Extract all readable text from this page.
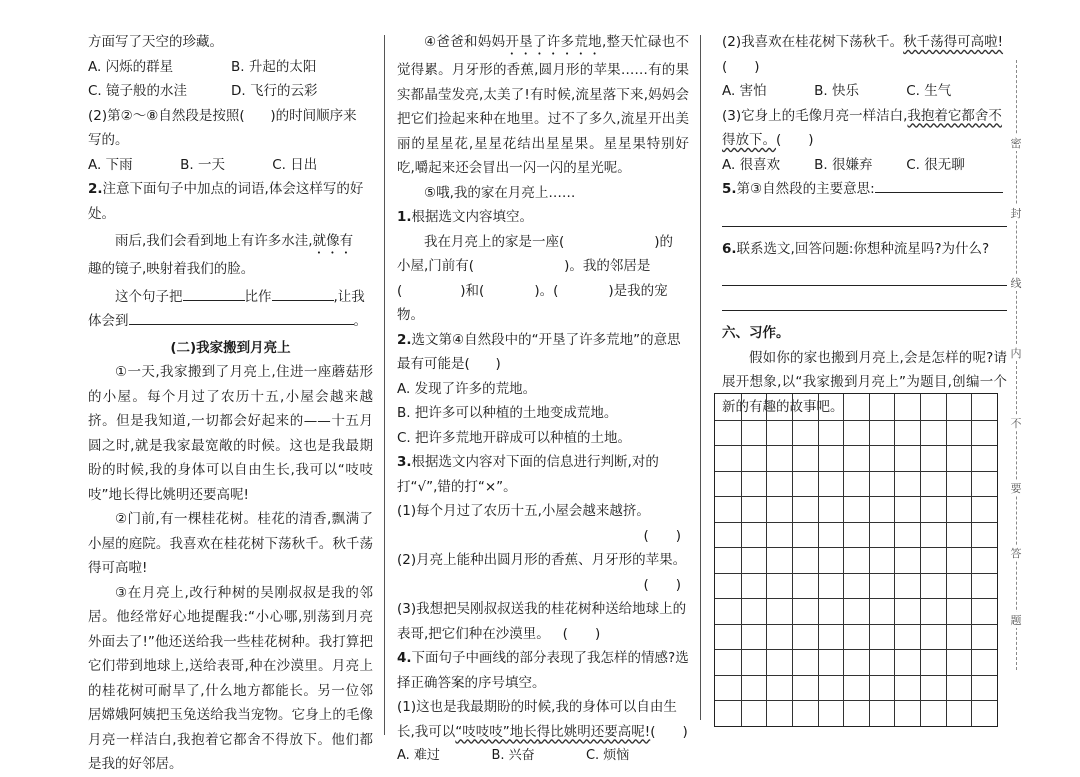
方面写了天空的珍藏。

A. 闪烁的群星	B. 升起的太阳
C. 镜子般的水洼	D. 飞行的云彩

(2)第②～⑧自然段是按照( )的时间顺序来

写的。

A. 下雨	B. 一天	C. 日出

2.注意下面句子中加点的词语,体会这样写的好处。

雨后,我们会看到地上有许多水洼,就像有

趣的镜子,映射着我们的脸。

这个句子把	比作	,让我

体会到	。

(二)我家搬到月亮上

①一天,我家搬到了月亮上,住进一座蘑菇形的小屋。每个月过了农历十五,小屋会越来越挤。但是我知道,一切都会好起来的——十五月圆之时,就是我家最宽敞的时候。这也是我最期盼的时候,我的身体可以自由生长,我可以“吱吱吱”地长得比姚明还要高呢!

②门前,有一棵桂花树。桂花的清香,飘满了小屋的庭院。我喜欢在桂花树下荡秋千。秋千荡得可高啦!

③在月亮上,改行种树的吴刚叔叔是我的邻居。他经常好心地提醒我:“小心哪,别荡到月亮外面去了!”他还送给我一些桂花树种。我打算把它们带到地球上,送给表哥,种在沙漠里。月亮上的桂花树可耐旱了,什么地方都能长。另一位邻居嫦娥阿姨把玉兔送给我当宠物。它身上的毛像月亮一样洁白,我抱着它都舍不得放下。他们都是我的好邻居。

④爸爸和妈妈开垦了许多荒地,整天忙碌也不觉得累。月牙形的香蕉,圆月形的苹果……有的果实都晶莹发亮,太美了!有时候,流星落下来,妈妈会把它们捡起来种在地里。过不了多久,流星开出美丽的星星花,星星花结出星星果。星星果特别好吃,嚼起来还会冒出一闪一闪的星光呢。

⑤哦,我的家在月亮上……

1.根据选文内容填空。

我在月亮上的家是一座(	)的

小屋,门前有(	)。我的邻居是

(	)和(	)。(	)是我的宠物。

2.选文第④自然段中的“开垦了许多荒地”的意思最有可能是( )

A. 发现了许多的荒地。

B. 把许多可以种植的土地变成荒地。

C. 把许多荒地开辟成可以种植的土地。

3.根据选文内容对下面的信息进行判断,对的打“√”,错的打“×”。

(1)每个月过了农历十五,小屋会越来越挤。

(　　)

(2)月亮上能种出圆月形的香蕉、月牙形的苹果。

(　　)

(3)我想把吴刚叔叔送我的桂花树种送给地球上的表哥,把它们种在沙漠里。 (　　)

4.下面句子中画线的部分表现了我怎样的情感?选择正确答案的序号填空。

(1)这也是我最期盼的时候,我的身体可以自由生长,我可以“吱吱吱”地长得比姚明还要高呢!(　　)

A. 难过	B. 兴奋	C. 烦恼

(2)我喜欢在桂花树下荡秋千。秋千荡得可高啦!(　　)

A. 害怕	B. 快乐	C. 生气

(3)它身上的毛像月亮一样洁白,我抱着它都舍不得放下。(　　)

A. 很喜欢	B. 很嫌弃	C. 很无聊

5.第③自然段的主要意思:

6.联系选文,回答问题:你想种流星吗?为什么?

六、习作。

假如你的家也搬到月亮上,会是怎样的呢?请展开想象,以“我家搬到月亮上”为题目,创编一个新的有趣的故事吧。

密
封
线
内
不
要
答
题
-
